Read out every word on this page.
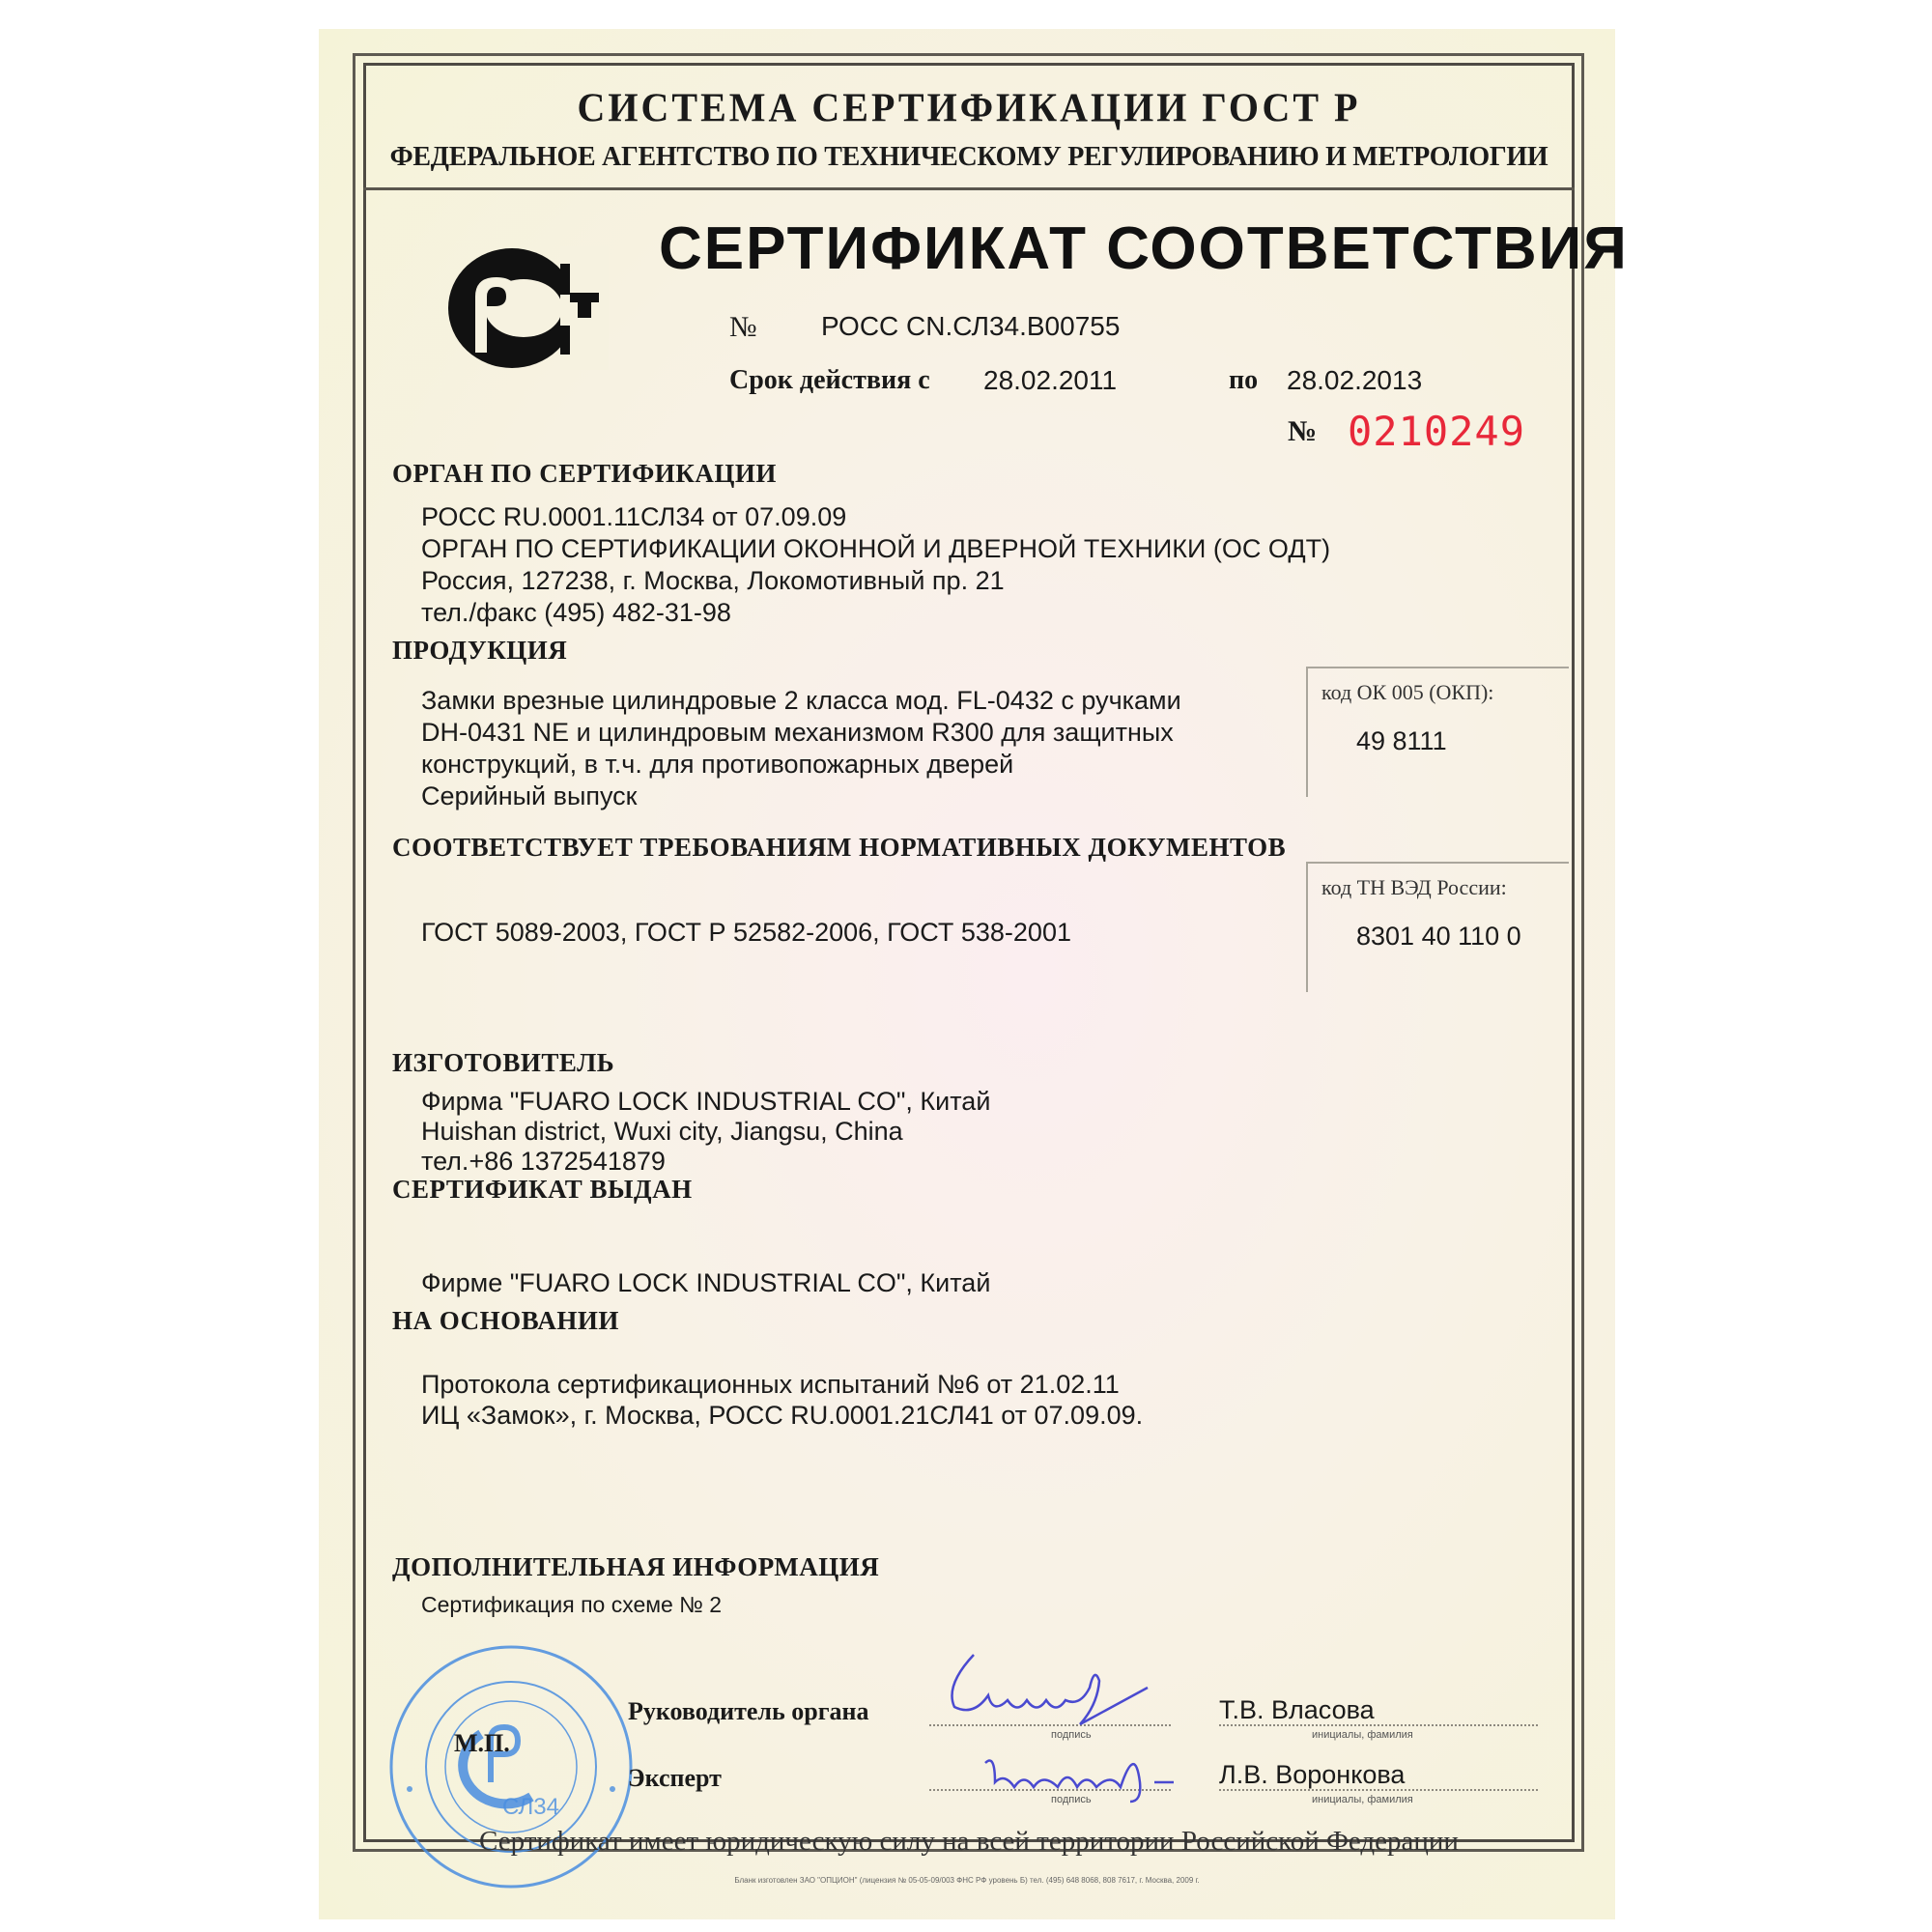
СИСТЕМА СЕРТИФИКАЦИИ ГОСТ Р
ФЕДЕРАЛЬНОЕ АГЕНТСТВО ПО ТЕХНИЧЕСКОМУ РЕГУЛИРОВАНИЮ И МЕТРОЛОГИИ
СЕРТИФИКАТ СООТВЕТСТВИЯ
№ РОСС CN.СЛ34.В00755
Срок действия с 28.02.2011	по 28.02.2013
№ 0210249
ОРГАН ПО СЕРТИФИКАЦИИ
РОСС RU.0001.11СЛ34 от 07.09.09
ОРГАН ПО СЕРТИФИКАЦИИ ОКОННОЙ И ДВЕРНОЙ ТЕХНИКИ (ОС ОДТ)
Россия, 127238, г. Москва, Локомотивный пр. 21
тел./факс (495) 482-31-98
ПРОДУКЦИЯ
Замки врезные цилиндровые 2 класса мод. FL-0432 с ручками
DH-0431 NE и цилиндровым механизмом R300 для защитных
конструкций, в т.ч. для противопожарных дверей
Серийный выпуск
код ОК 005 (ОКП):
49 8111
СООТВЕТСТВУЕТ ТРЕБОВАНИЯМ НОРМАТИВНЫХ ДОКУМЕНТОВ
ГОСТ 5089-2003, ГОСТ Р 52582-2006, ГОСТ 538-2001
код ТН ВЭД России:
8301 40 110 0
ИЗГОТОВИТЕЛЬ
Фирма "FUARO LOCK INDUSTRIAL CO", Китай
Huishan district, Wuxi city, Jiangsu, China
тел.+86 1372541879
СЕРТИФИКАТ ВЫДАН
Фирме "FUARO LOCK INDUSTRIAL CO", Китай
НА ОСНОВАНИИ
Протокола сертификационных испытаний №6 от 21.02.11
ИЦ «Замок», г. Москва, РОСС RU.0001.21СЛ41 от 07.09.09.
ДОПОЛНИТЕЛЬНАЯ ИНФОРМАЦИЯ
Сертификация по схеме № 2
СЛ34
М.П.
Руководитель органа
подпись
Т.В. Власова
инициалы, фамилия
Эксперт
подпись
Л.В. Воронкова
инициалы, фамилия
Сертификат имеет юридическую силу на всей территории Российской Федерации
Бланк изготовлен ЗАО "ОПЦИОН" (лицензия № 05-05-09/003 ФНС РФ уровень Б) тел. (495) 648 8068, 808 7617, г. Москва, 2009 г.
